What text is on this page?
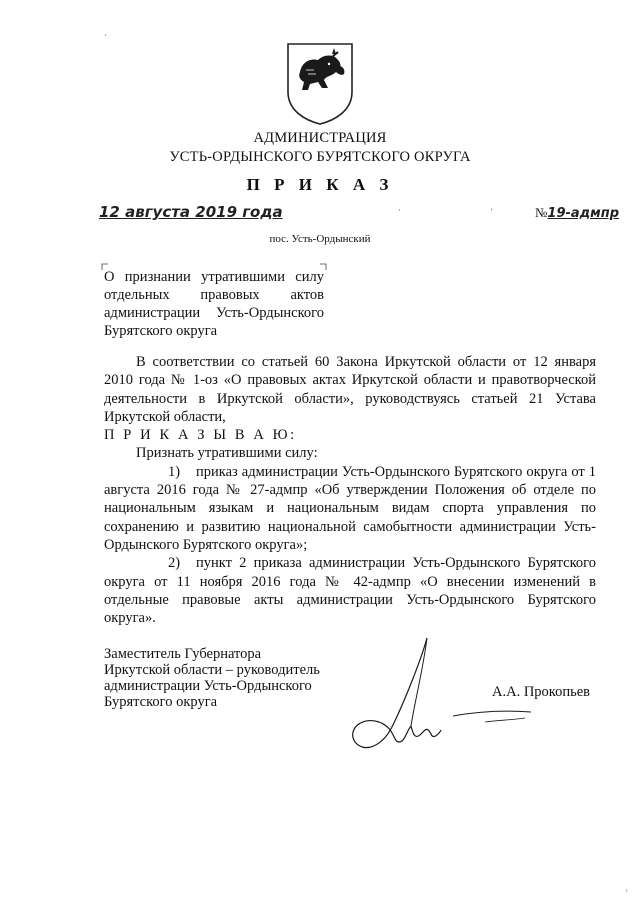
АДМИНИСТРАЦИЯ
УСТЬ-ОРДЫНСКОГО БУРЯТСКОГО ОКРУГА
П Р И К А З
12 августа 2019 года	·	'	№19-адмпр
пос. Усть-Ордынский
О признании утратившими силу
отдельных правовых актов
администрации Усть-Ордынского
Бурятского округа

В соответствии со статьей 60 Закона Иркутской области от 12 января 2010 года № 1-оз «О правовых актах Иркутской области и правотворческой деятельности в Иркутской области», руководствуясь статьей 21 Устава Иркутской области,

П Р И К А З Ы В А Ю:

Признать утратившими силу:

1) приказ администрации Усть-Ордынского Бурятского округа от 1 августа 2016 года № 27-адмпр «Об утверждении Положения об отделе по национальным языкам и национальным видам спорта управления по сохранению и развитию национальной самобытности администрации Усть-Ордынского Бурятского округа»;

2) пункт 2 приказа администрации Усть-Ордынского Бурятского округа от 11 ноября 2016 года № 42-адмпр «О внесении изменений в отдельные правовые акты администрации Усть-Ордынского Бурятского округа».

Заместитель Губернатора
Иркутской области – руководитель
администрации Усть-Ордынского
Бурятского округа
А.А. Прокопьев
·
'
